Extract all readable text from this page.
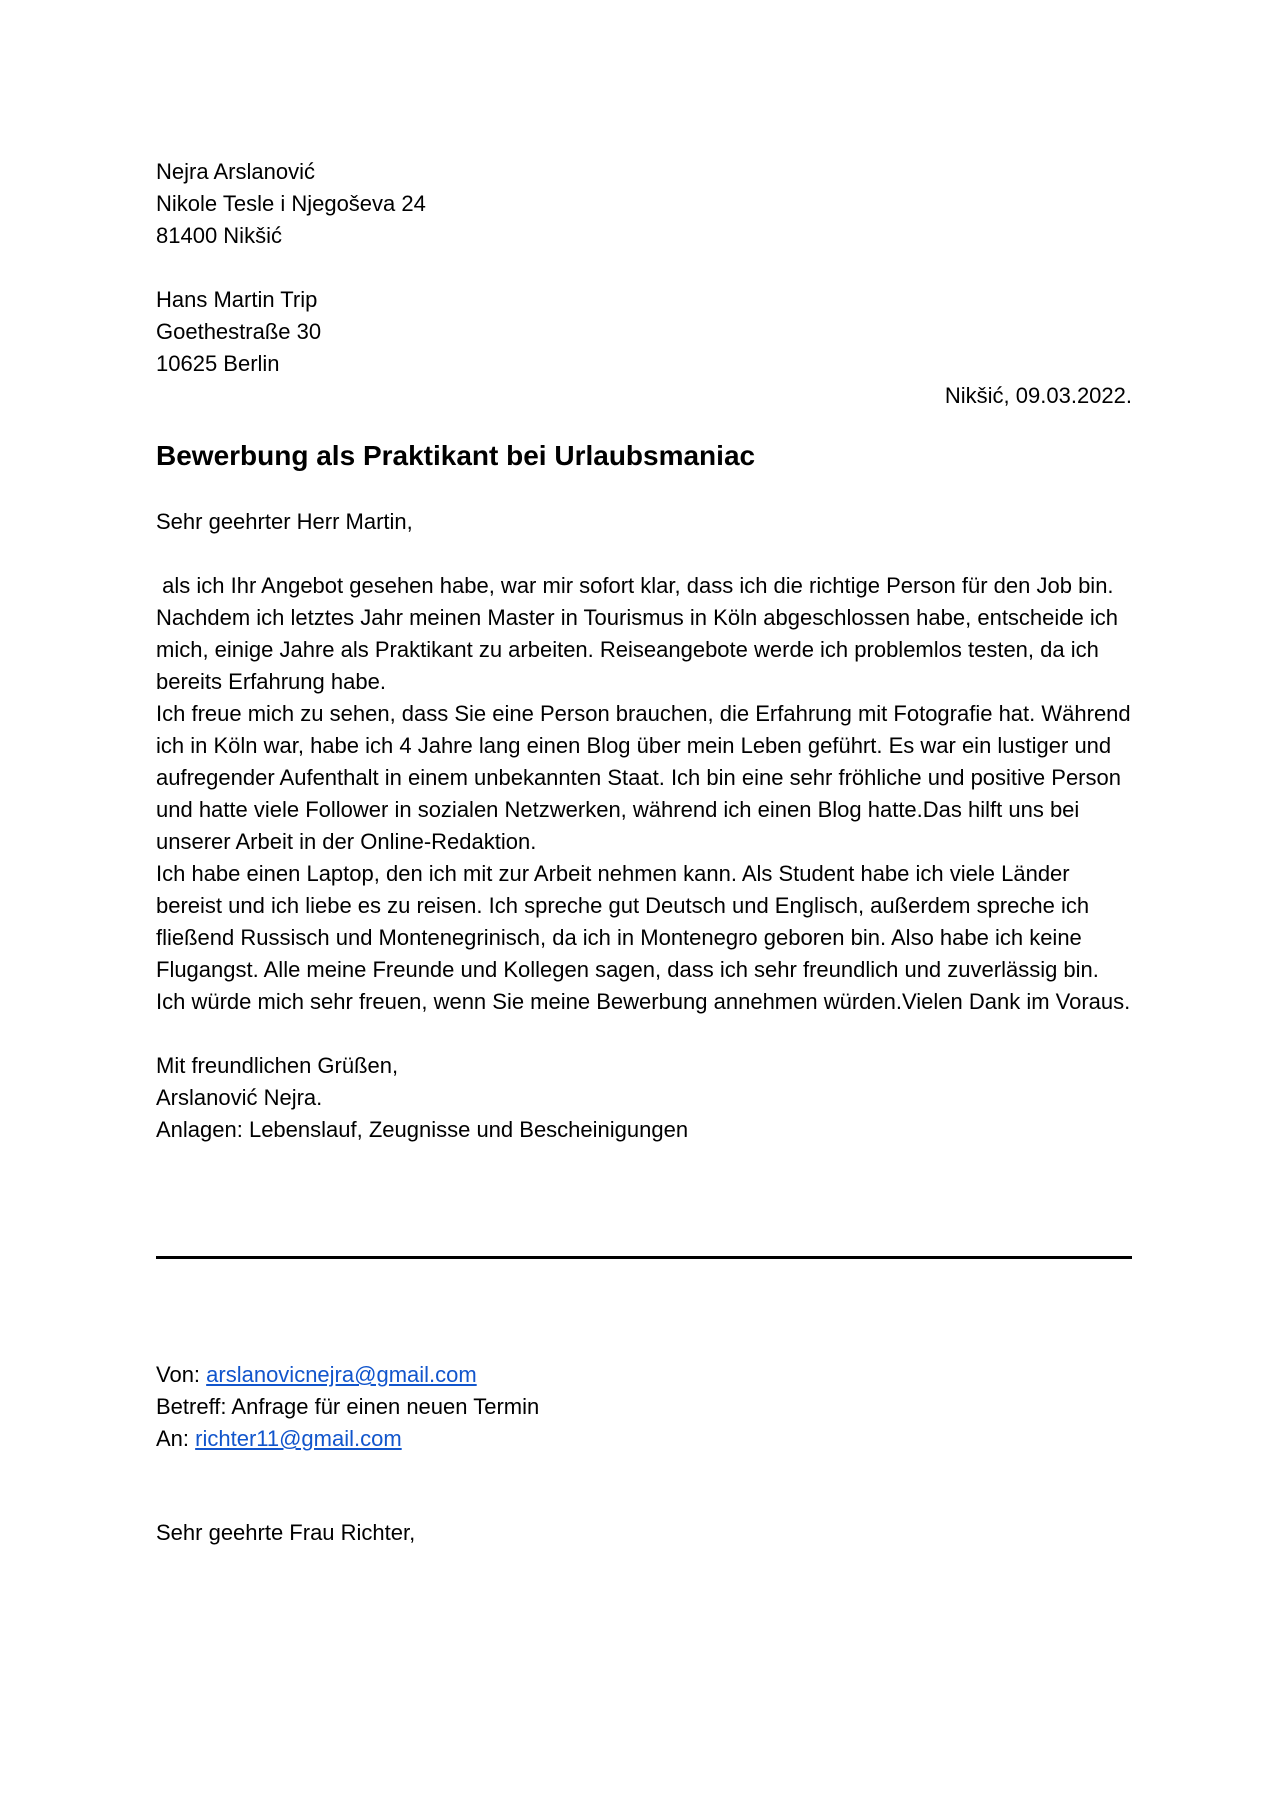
Nejra Arslanović
Nikole Tesle i Njegoševa 24
81400 Nikšić
Hans Martin Trip
Goethestraße 30
10625 Berlin
Nikšić, 09.03.2022.
Bewerbung als Praktikant bei Urlaubsmaniac
Sehr geehrter Herr Martin,

als ich Ihr Angebot gesehen habe, war mir sofort klar, dass ich die richtige Person für den Job bin. Nachdem ich letztes Jahr meinen Master in Tourismus in Köln abgeschlossen habe, entscheide ich mich, einige Jahre als Praktikant zu arbeiten. Reiseangebote werde ich problemlos testen, da ich bereits Erfahrung habe.

Ich freue mich zu sehen, dass Sie eine Person brauchen, die Erfahrung mit Fotografie hat. Während ich in Köln war, habe ich 4 Jahre lang einen Blog über mein Leben geführt. Es war ein lustiger und aufregender Aufenthalt in einem unbekannten Staat. Ich bin eine sehr fröhliche und positive Person und hatte viele Follower in sozialen Netzwerken, während ich einen Blog hatte.Das hilft uns bei unserer Arbeit in der Online-Redaktion.

Ich habe einen Laptop, den ich mit zur Arbeit nehmen kann. Als Student habe ich viele Länder bereist und ich liebe es zu reisen. Ich spreche gut Deutsch und Englisch, außerdem spreche ich fließend Russisch und Montenegrinisch, da ich in Montenegro geboren bin. Also habe ich keine Flugangst. Alle meine Freunde und Kollegen sagen, dass ich sehr freundlich und zuverlässig bin.

Ich würde mich sehr freuen, wenn Sie meine Bewerbung annehmen würden.Vielen Dank im Voraus.

Mit freundlichen Grüßen,
Arslanović Nejra.
Anlagen: Lebenslauf, Zeugnisse und Bescheinigungen
Von: arslanovicnejra@gmail.com
Betreff: Anfrage für einen neuen Termin
An: richter11@gmail.com
Sehr geehrte Frau Richter,
